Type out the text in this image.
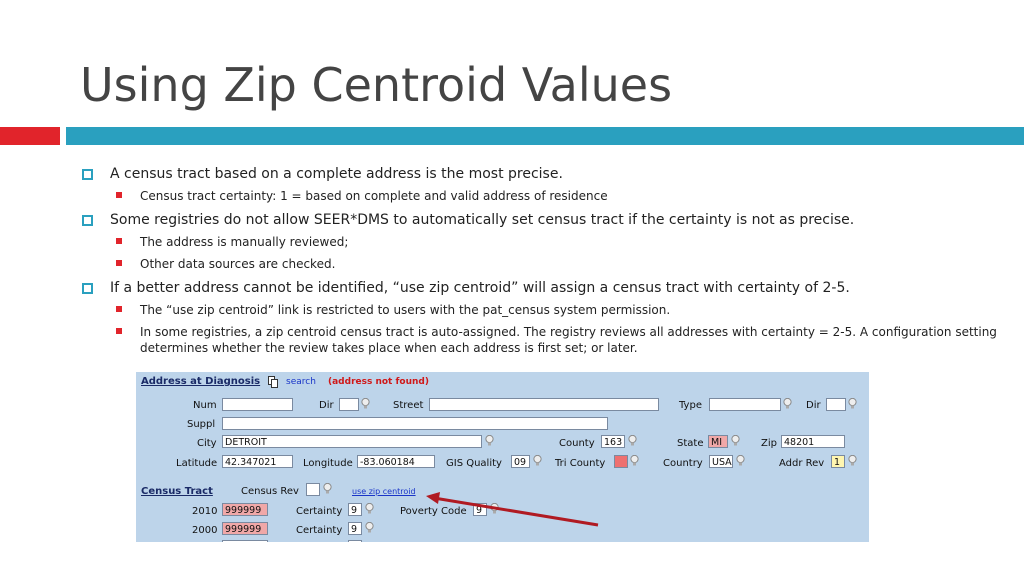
Using Zip Centroid Values
A census tract based on a complete address is the most precise.
Census tract certainty: 1 = based on complete and valid address of residence
Some registries do not allow SEER*DMS to automatically set census tract if the certainty is not as precise.
The address is manually reviewed;
Other data sources are checked.
If a better address cannot be identified, “use zip centroid” will assign a census tract with certainty of 2-5.
The “use zip centroid” link is restricted to users with the pat_census system permission.
In some registries, a zip centroid census tract is auto-assigned. The registry reviews all addresses with certainty = 2-5. A configuration setting determines whether the review takes place when each address is first set; or later.
Address at Diagnosis	search (address not found)
Num	Dir	Street	Type	Dir
Suppl
City DETROIT	County 163	State MI	Zip 48201
Latitude 42.347021	Longitude -83.060184	GIS Quality	09	Tri County	Country USA	Addr Rev	1
Census Tract	Census Rev	use zip centroid
2010 999999	Certainty 9	Poverty Code 9
2000 999999	Certainty 9
